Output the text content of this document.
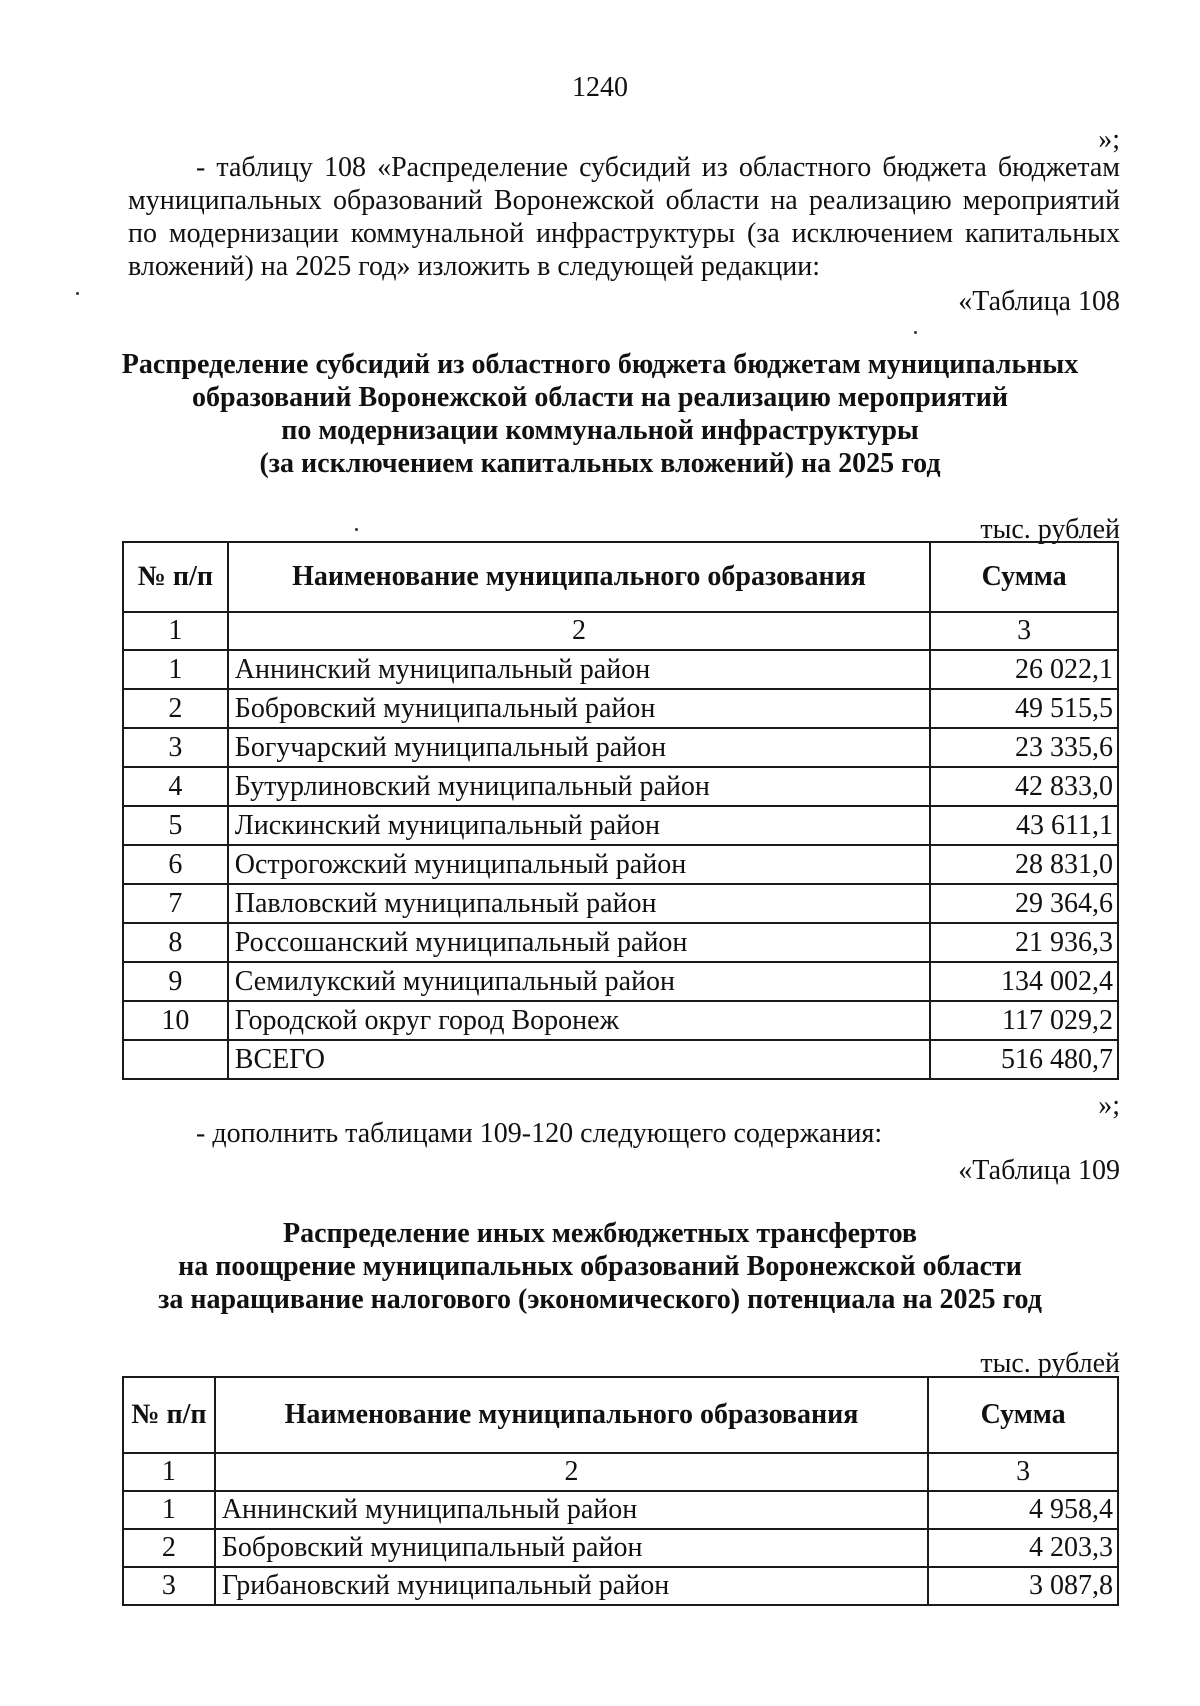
1240
»;
- таблицу 108 «Распределение субсидий из областного бюджета бюджетам муниципальных образований Воронежской области на реализацию мероприятий по модернизации коммунальной инфраструктуры (за исключением капитальных вложений) на 2025 год» изложить в следующей редакции:
«Таблица 108
Распределение субсидий из областного бюджета бюджетам муниципальных
образований Воронежской области на реализацию мероприятий
по модернизации коммунальной инфраструктуры
(за исключением капитальных вложений) на 2025 год
тыс. рублей
№ п/п	Наименование муниципального образования	Сумма
1	2	3
1	Аннинский муниципальный район	26 022,1
2	Бобровский муниципальный район	49 515,5
3	Богучарский муниципальный район	23 335,6
4	Бутурлиновский муниципальный район	42 833,0
5	Лискинский муниципальный район	43 611,1
6	Острогожский муниципальный район	28 831,0
7	Павловский муниципальный район	29 364,6
8	Россошанский муниципальный район	21 936,3
9	Семилукский муниципальный район	134 002,4
10	Городской округ город Воронеж	117 029,2
	ВСЕГО	516 480,7
»;
- дополнить таблицами 109-120 следующего содержания:
«Таблица 109
Распределение иных межбюджетных трансфертов
на поощрение муниципальных образований Воронежской области
за наращивание налогового (экономического) потенциала на 2025 год
тыс. рублей
№ п/п	Наименование муниципального образования	Сумма
1	2	3
1	Аннинский муниципальный район	4 958,4
2	Бобровский муниципальный район	4 203,3
3	Грибановский муниципальный район	3 087,8
